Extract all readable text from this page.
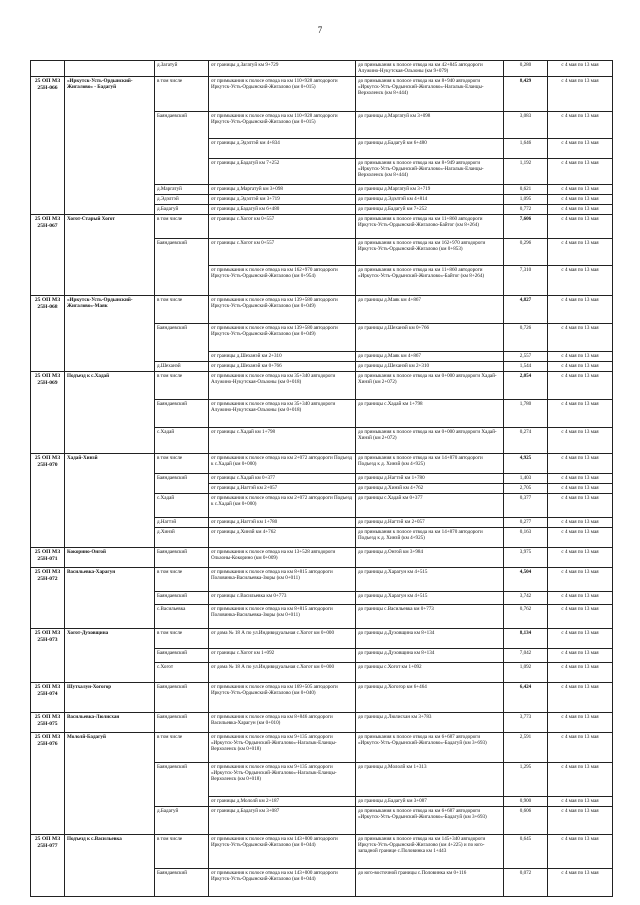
7
		д.Загатуй	от границы д.Загатуй км 9+729	до примыкания к полосе отвода на км 42+845 автодороги Алужино-Нукутская-Ользоны (км 9+079)	0,280	с 4 мая по 13 мая
25 ОП МЗ 25Н-066	«Иркутск-Усть-Ордынский-Жигалово» - Бадагуй	в том числе	от примыкания к полосе отвода на км 110+928 автодороги Иркутск-Усть-Ордынский-Жигалово (км 0+015)	до примыкания к полосе отвода на км 8+940 автодороги «Иркутск-Усть-Ордынский-Жигалово»-Нагалык-Еланцы-Верхоленск (км 8+444)	8,429	с 4 мая по 13 мая
		Баяндаевский	от примыкания к полосе отвода на км 110+928 автодороги Иркутск-Усть-Ордынский-Жигалово (км 0+015)	до границы д.Маргатуй км 3+098	3,083	с 4 мая по 13 мая
			от границы д.Эдэлтэй км 4+834	до границы д.Бадагуй км 6+480	1,646	с 4 мая по 13 мая
			от границы д.Бадагуй км 7+252	до примыкания к полосе отвода на км 8+949 автодороги «Иркутск-Усть-Ордынский-Жигалово»-Нагалык-Еланцы-Верхоленск (км 8+444)	1,192	с 4 мая по 13 мая
		д.Маргатуй	от границы д.Маргатуй км 3+098	до границы д.Маргатуй км 3+719	0,621	с 4 мая по 13 мая
		д.Эдэлтэй	от границы д.Эдэлтэй км 3+719	до границы д.Эдэлтэй км 4+814	1,095	с 4 мая по 13 мая
		д.Бадагуй	от границы д.Бадагуй км 6+480	до границы д.Бадагуй км 7+252	0,772	с 4 мая по 13 мая
25 ОП МЗ 25Н-067	Хогот-Старый Хогот	в том числе	от границы с.Хогот км 0+557	до примыкания к полосе отвода на км 11+860 автодороги Иркутск-Усть-Ордынский-Жигалово-Байтог (км 8+264)	7,606	с 4 мая по 13 мая
		Баяндаевский	от границы с.Хогот км 0+557	до примыкания к полосе отвода на км 162+970 автодороги Иркутск-Усть-Ордынский-Жигалово (км 0+853)	0,296	с 4 мая по 13 мая
			от примыкания к полосе отвода на км 162+970 автодороги Иркутск-Усть-Ордынский-Жигалово (км 0+954)	до примыкания к полосе отвода на км 11+860 автодороги «Иркутск-Усть-Ордынский-Жигалово»-Байтог (км 8+264)	7,310	с 4 мая по 13 мая
25 ОП МЗ 25Н-068	«Иркутск-Усть-Ордынский-Жигалово»-Маяк	в том числе	от примыкания к полосе отвода на км 139+580 автодороги Иркутск-Усть-Ордынский-Жигалово (км 0+049)	до границы д.Маяк км 4+867	4,827	с 4 мая по 13 мая
		Баяндаевский	от примыкания к полосе отвода на км 139+580 автодороги Иркутск-Усть-Ордынский-Жигалово (км 0+049)	до границы д.Шеханэй км 0+766	0,726	с 4 мая по 13 мая
			от границы д.Шеханэй км 2+310	до границы д.Маяк км 4+867	2,557	с 4 мая по 13 мая
		д.Шеханэй	от границы д.Шеханэй км 0+766	до границы д.Шеханэй км 2+310	1,544	с 4 мая по 13 мая
25 ОП МЗ 25Н-069	Подъезд к с.Хадай	в том числе	от примыкания к полосе отвода на км 35+340 автодороги Алужино-Нукутская-Ользоны (км 0+018)	до примыкания к полосе отвода на км 0+000 автодороги Хадай-Хинзй (км 2+072)	2,054	с 4 мая по 13 мая
		Баяндаевский	от примыкания к полосе отвода на км 35+340 автодороги Алужино-Нукутская-Ользоны (км 0+018)	до границы с.Хадай км 1+798	1,780	с 4 мая по 13 мая
		с.Хадай	от границы с.Хадай км 1+798	до примыкания к полосе отвода на км 0+000 автодороги Хадай-Хинзй (км 2+072)	0,274	с 4 мая по 13 мая
25 ОП МЗ 25Н-070	Хадай-Хинзй	в том числе	от примыкания к полосе отвода на км 2+072 автодороги Подъезд к с.Хадай (км 0+000)	до примыкания к полосе отвода на км 14+870 автодороги Подъезд к д. Хинзй (км 4+925)	4,925	с 4 мая по 13 мая
		Баяндаевский	от границы с.Хадай км 0+377	до границы д.Нагтэй км 1+780	1,403	с 4 мая по 13 мая
			от границы д.Нагтэй км 2+057	до границы д.Хинзй км 4+762	2,705	с 4 мая по 13 мая
		с.Хадай	от примыкания к полосе отвода на км 2+072 автодороги Подъезд к с.Хадай (км 0+000)	до границы с.Хадай км 0+377	0,377	с 4 мая по 13 мая
		д.Нагтэй	от границы д.Нагтэй км 1+780	до границы д.Нагтэй км 2+057	0,277	с 4 мая по 13 мая
		д.Хинзй	от границы д.Хинзй км 4+762	до примыкания к полосе отвода на км 14+870 автодороги Подъезд к д. Хинзй (км 4+925)	0,163	с 4 мая по 13 мая
25 ОП МЗ 25Н-071	Кокорино-Онгой	Баяндаевский	от примыкания к полосе отвода на км 13+528 автодороги Ользоны-Кокорино (км 0+009)	до границы д.Онгой км 3+984	3,975	с 4 мая по 13 мая
25 ОП МЗ 25Н-072	Васильевка-Харагун	в том числе	от примыкания к полосе отвода на км 8+815 автодороги Половинка-Васильевка-Зюры (км 0+011)	до границы д.Харагун км 4+515	4,504	с 4 мая по 13 мая
		Баяндаевский	от границы с.Васильевка км 0+773	до границы д.Харагун км 4+515	3,742	с 4 мая по 13 мая
		с.Васильевка	от примыкания к полосе отвода на км 8+815 автодороги Половинка-Васильевка-Зюры (км 0+011)	до границы с.Васильевка км 0+773	0,762	с 4 мая по 13 мая
25 ОП МЗ 25Н-073	Хогот-Духовщина	в том числе	от дома № 18 А по ул.Индивидуальная с.Хогот км 0+000	до границы д.Духовщина км 8+134	8,134	с 4 мая по 13 мая
		Баяндаевский	от границы с.Хогот км 1+092	до границы д.Духовщина км 8+134	7,042	с 4 мая по 13 мая
		с.Хогот	от дома № 18 А по ул.Индивидуальная с.Хогот км 0+000	до границы с.Хогот км 1+092	1,092	с 4 мая по 13 мая
25 ОП МЗ 25Н-074	Шутхалун-Хогогор	Баяндаевский	от примыкания к полосе отвода на км 169+505 автодороги Иркутск-Усть-Ордынский-Жигалово (км 0+040)	до границы д.Хогогор км 6+464	6,424	с 4 мая по 13 мая
25 ОП МЗ 25Н-075	Васильевка-Люлисхан	Баяндаевский	от примыкания к полосе отвода на км 8+846 автодороги Васильевка-Харагун (км 0+010)	до границы д.Люлисхан км 3+783	3,773	с 4 мая по 13 мая
25 ОП МЗ 25Н-076	Мололй-Бадагуй	в том числе	от примыкания к полосе отвода на км 9+135 автодороги «Иркутск-Усть-Ордынский-Жигалово»-Нагалык-Еланцы-Верхоленск (км 0+018)	до примыкания к полосе отвода на км 6+687 автодороги «Иркутск-Усть-Ордынский-Жигалово»-Бадагуй (км 3+693)	2,591	с 4 мая по 13 мая
		Баяндаевский	от примыкания к полосе отвода на км 9+135 автодороги «Иркутск-Усть-Ордынский-Жигалово»-Нагалык-Еланцы-Верхоленск (км 0+018)	до границы д.Мололй км 1+313	1,295	с 4 мая по 13 мая
			от границы д.Мололй км 2+187	до границы д.Бадагуй км 3+087	0,900	с 4 мая по 13 мая
		д.Бадагуй	от границы д.Бадагуй км 3+087	до примыкания к полосе отвода на км 6+687 автодороги «Иркутск-Усть-Ордынский-Жигалово»-Бадагуй (км 3+693)	0,606	с 4 мая по 13 мая
25 ОП МЗ 25Н-077	Подъезд к с.Васильевка	в том числе	от примыкания к полосе отвода на км 143+000 автодороги Иркутск-Усть-Ордынский-Жигалово (км 0+044)	до примыкания к полосе отвода на км 145+340 автодороги Иркутск-Усть-Ордынский-Жигалово (км 4+225) и по юго-западной границе с.Половинка км 1+443	0,645	с 4 мая по 13 мая
		Баяндаевский	от примыкания к полосе отвода на км 143+000 автодороги Иркутск-Усть-Ордынский-Жигалово (км 0+044)	до юго-восточной границы с.Половинка км 0+116	0,072	с 4 мая по 13 мая
